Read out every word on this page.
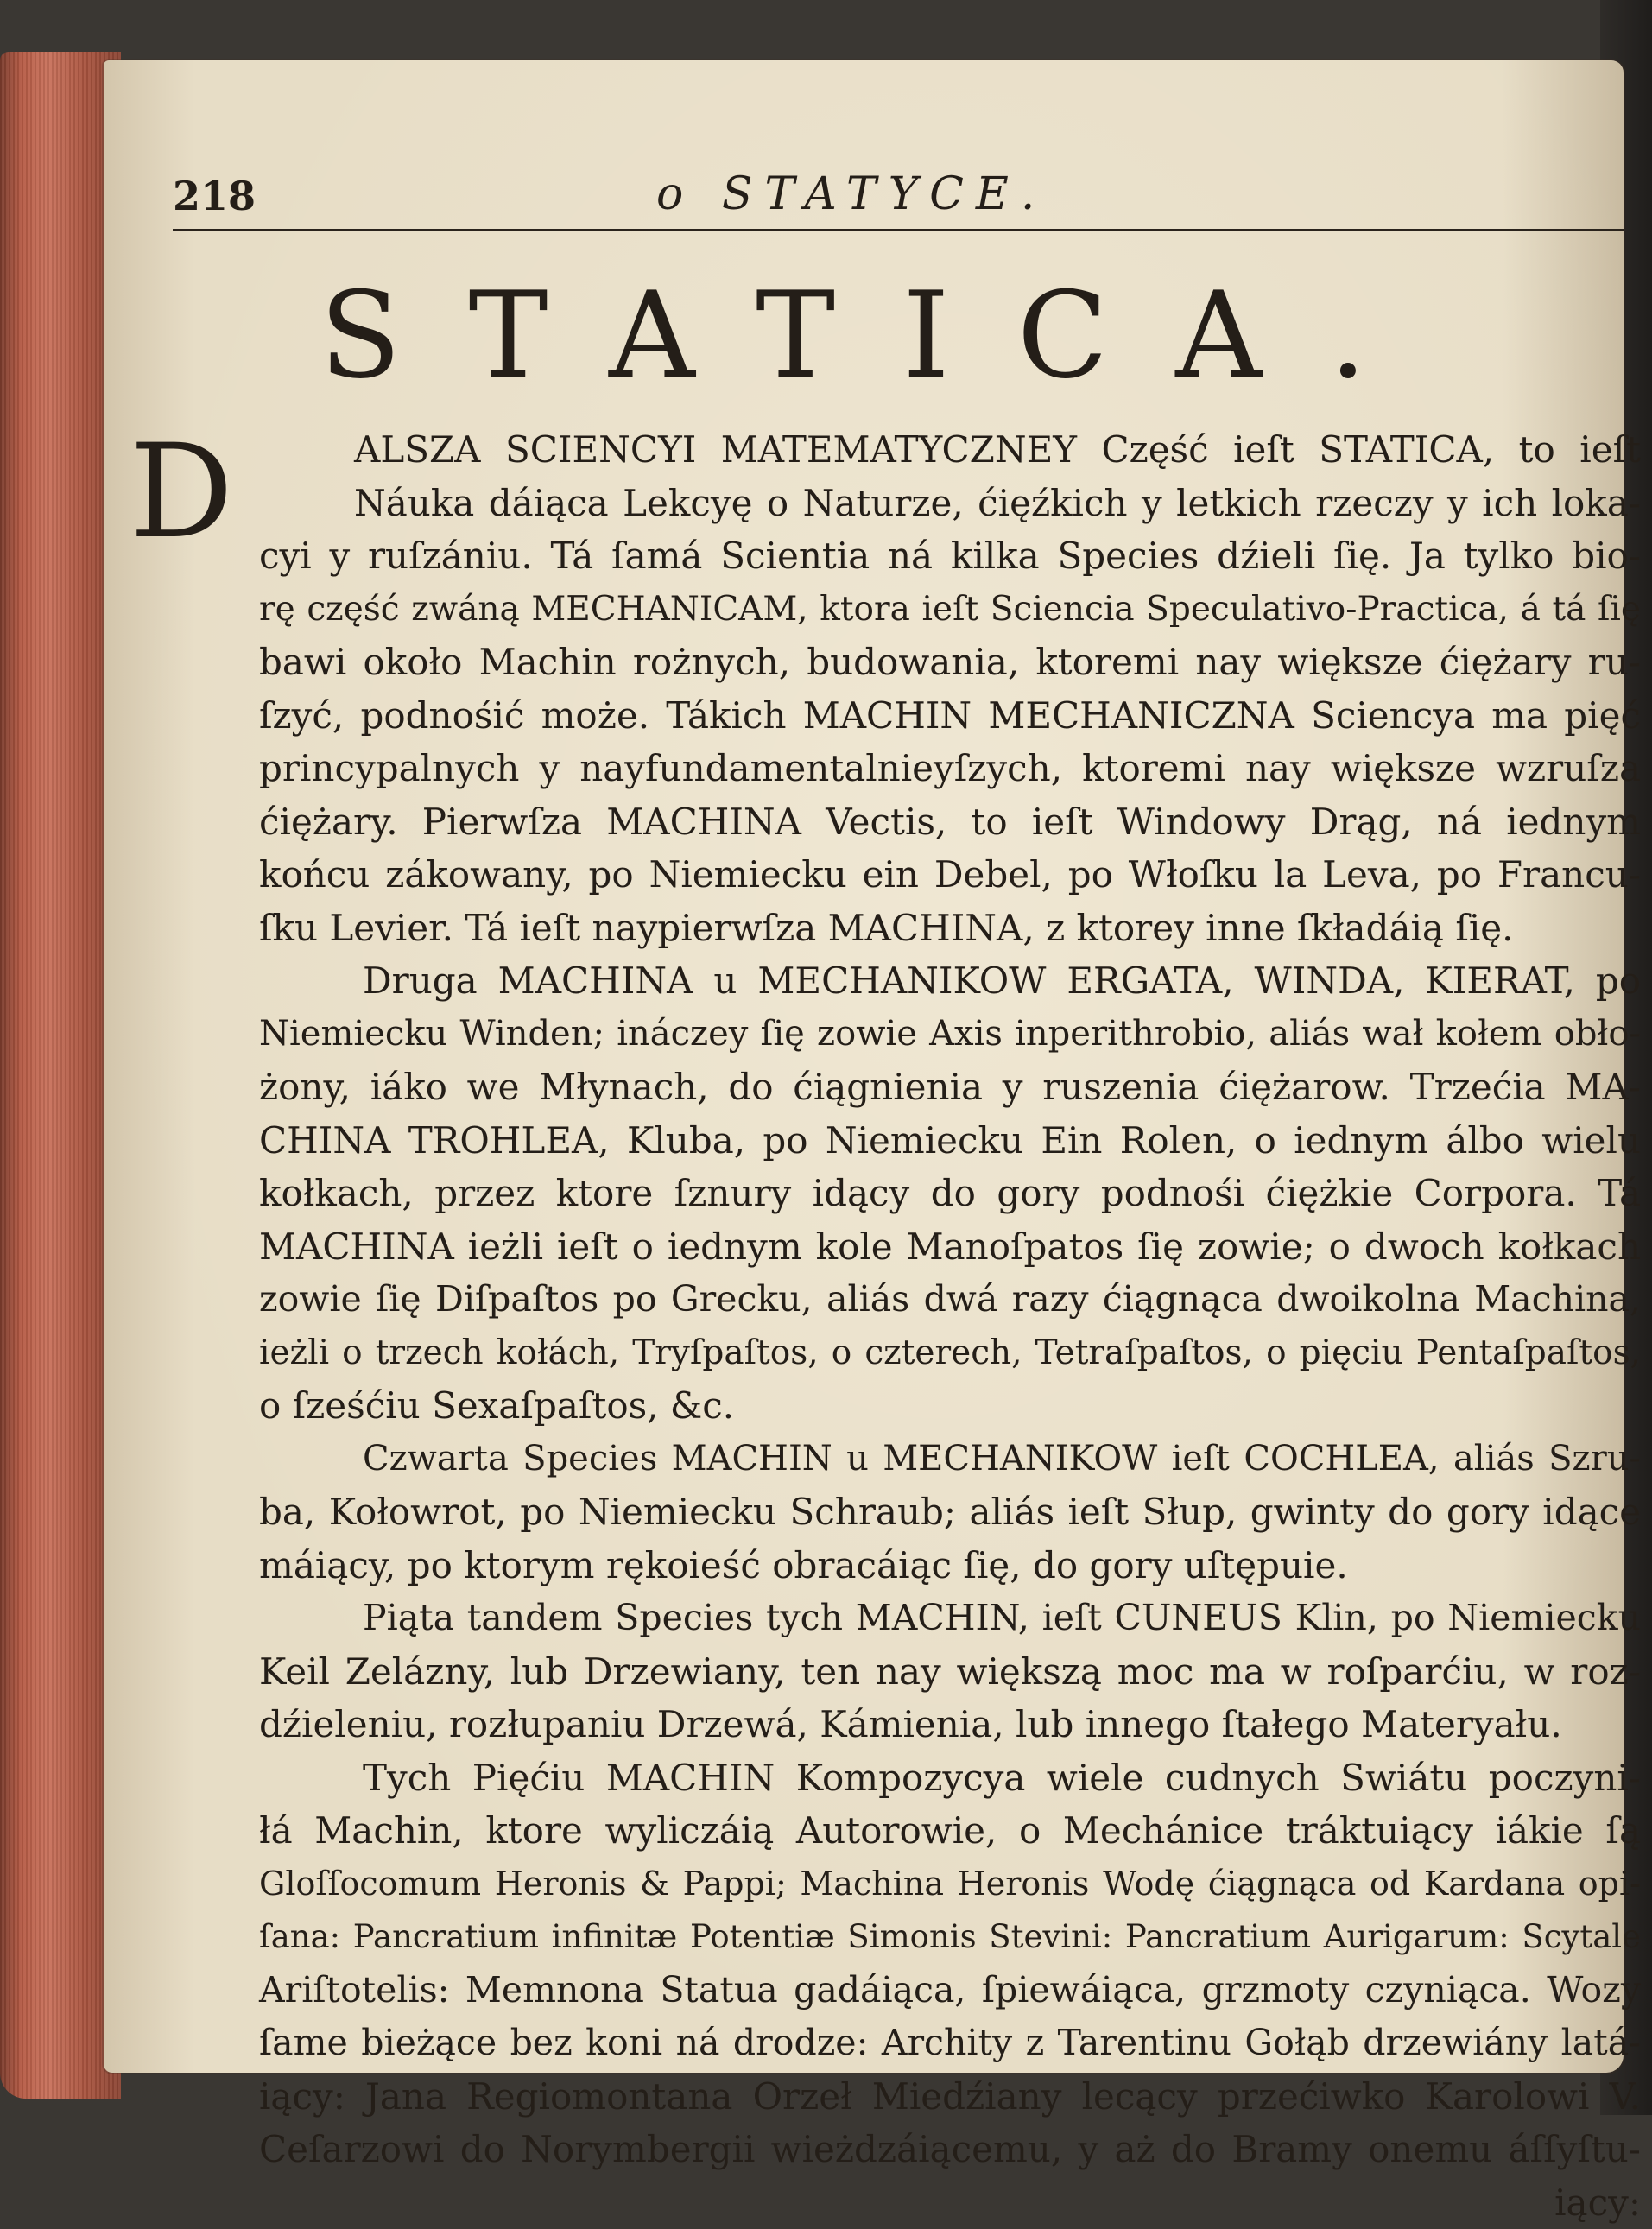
218	o STATYCE.
STATICA.
D	ALSZA SCIENCYI MATEMATYCZNEY Część ieſt STATICA, to ieſt
Náuka dáiąca Lekcyę o Naturze, ćięźkich y letkich rzeczy y ich loka-
cyi y ruſzániu. Tá ſamá Scientia ná kilka Species dźieli ſię. Ja tylko bio-
rę część zwáną MECHANICAM, ktora ieſt Sciencia Speculativo-Practica, á tá ſię
bawi około Machin rożnych, budowania, ktoremi nay większe ćiężary ru-
ſzyć, podnośić może. Tákich MACHIN MECHANICZNA Sciencya ma pięć
princypalnych y nayfundamentalnieyſzych, ktoremi nay większe wzruſza
ćiężary. Pierwſza MACHINA Vectis, to ieſt Windowy Drąg, ná iednym
końcu zákowany, po Niemiecku ein Debel, po Włoſku la Leva, po Francu-
ſku Levier. Tá ieſt naypierwſza MACHINA, z ktorey inne ſkładáią ſię.
Druga MACHINA u MECHANIKOW ERGATA, WINDA, KIERAT, po
Niemiecku Winden; ináczey ſię zowie Axis inperithrobio, aliás wał kołem obło-
żony, iáko we Młynach, do ćiągnienia y ruszenia ćiężarow. Trzećia MA-
CHINA TROHLEA, Kluba, po Niemiecku Ein Rolen, o iednym álbo wielu
kołkach, przez ktore ſznury idący do gory podnośi ćiężkie Corpora. Tá
MACHINA ieżli ieſt o iednym kole Manoſpatos ſię zowie; o dwoch kołkach
zowie ſię Diſpaſtos po Grecku, aliás dwá razy ćiągnąca dwoikolna Machina,
ieżli o trzech kołách, Tryſpaſtos, o czterech, Tetraſpaſtos, o pięciu Pentaſpaſtos,
o ſześćiu Sexaſpaſtos, &c.
Czwarta Species MACHIN u MECHANIKOW ieſt COCHLEA, aliás Szru-
ba, Kołowrot, po Niemiecku Schraub; aliás ieſt Słup, gwinty do gory idące
máiący, po ktorym rękoieść obracáiąc ſię, do gory uſtępuie.
Piąta tandem Species tych MACHIN, ieſt CUNEUS Klin, po Niemiecku
Keil Zelázny, lub Drzewiany, ten nay większą moc ma w roſparćiu, w roz-
dźieleniu, rozłupaniu Drzewá, Kámienia, lub innego ſtałego Materyału.
Tych Pięćiu MACHIN Kompozycya wiele cudnych Swiátu poczyni-
łá Machin, ktore wyliczáią Autorowie, o Mechánice tráktuiący iákie ſą
Gloſſocomum Heronis & Pappi; Machina Heronis Wodę ćiągnąca od Kardana opi-
ſana: Pancratium infinitæ Potentiæ Simonis Stevini: Pancratium Aurigarum: Scytale
Ariſtotelis: Memnona Statua gadáiąca, ſpiewáiąca, grzmoty czyniąca. Wozy
ſame bieżące bez koni ná drodze: Archity z Tarentinu Gołąb drzewiány latá-
iący: Jana Regiomontana Orzeł Miedźiany lecący przećiwko Karolowi V.
Ceſarzowi do Norymbergii wieżdzáiącemu, y aż do Bramy onemu áſſyſtu-
iący:
